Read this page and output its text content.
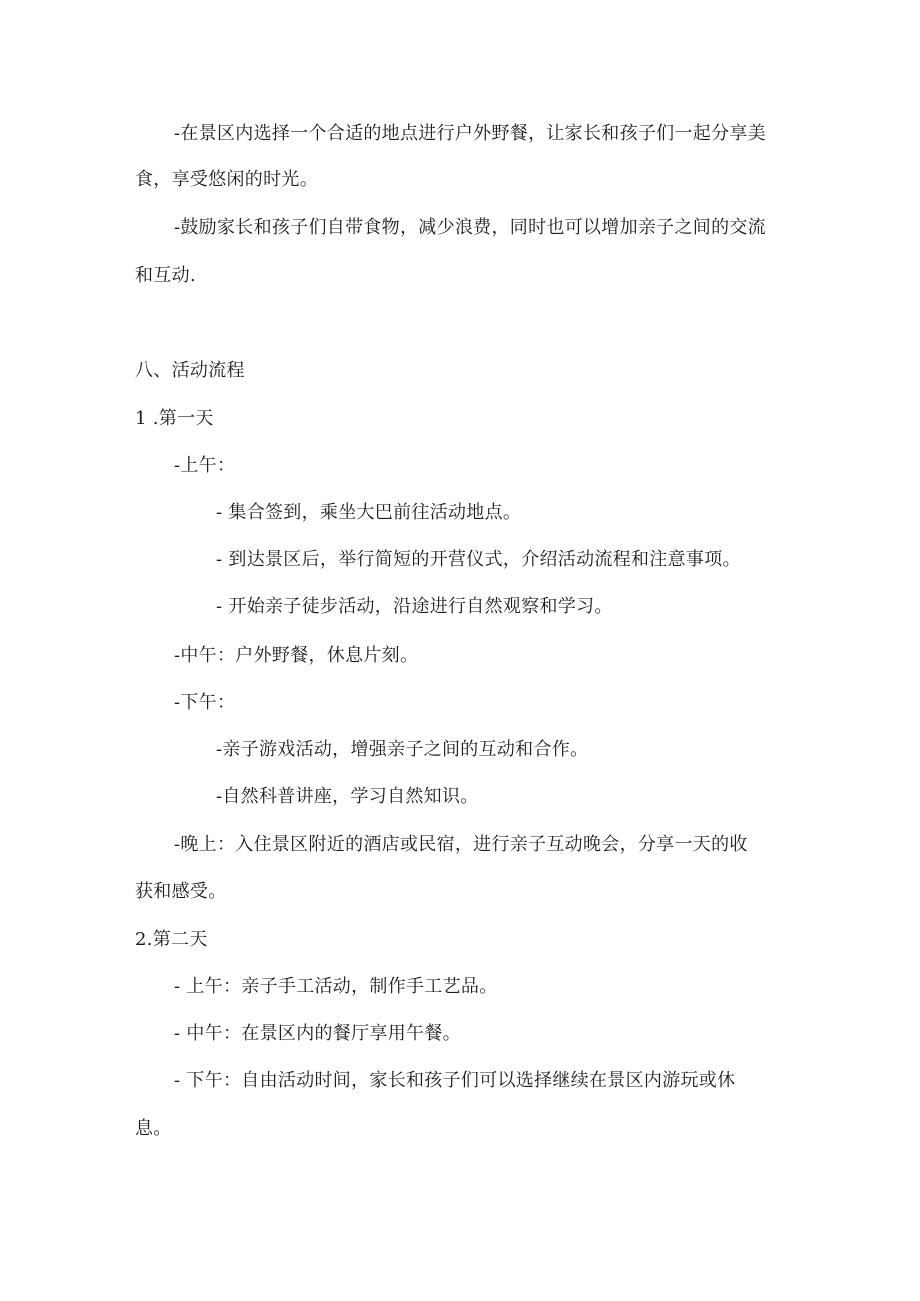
-在景区内选择一个合适的地点进行户外野餐，让家长和孩子们一起分享美
食，享受悠闲的时光。
-鼓励家长和孩子们自带食物，减少浪费，同时也可以增加亲子之间的交流
和互动.
八、活动流程
1 .第一天
-上午：
- 集合签到，乘坐大巴前往活动地点。
- 到达景区后，举行简短的开营仪式，介绍活动流程和注意事项。
- 开始亲子徒步活动，沿途进行自然观察和学习。
-中午：户外野餐，休息片刻。
-下午：
-亲子游戏活动，增强亲子之间的互动和合作。
-自然科普讲座，学习自然知识。
-晚上：入住景区附近的酒店或民宿，进行亲子互动晚会，分享一天的收
获和感受。
2.第二天
- 上午：亲子手工活动，制作手工艺品。
- 中午：在景区内的餐厅享用午餐。
- 下午：自由活动时间，家长和孩子们可以选择继续在景区内游玩或休
息。
